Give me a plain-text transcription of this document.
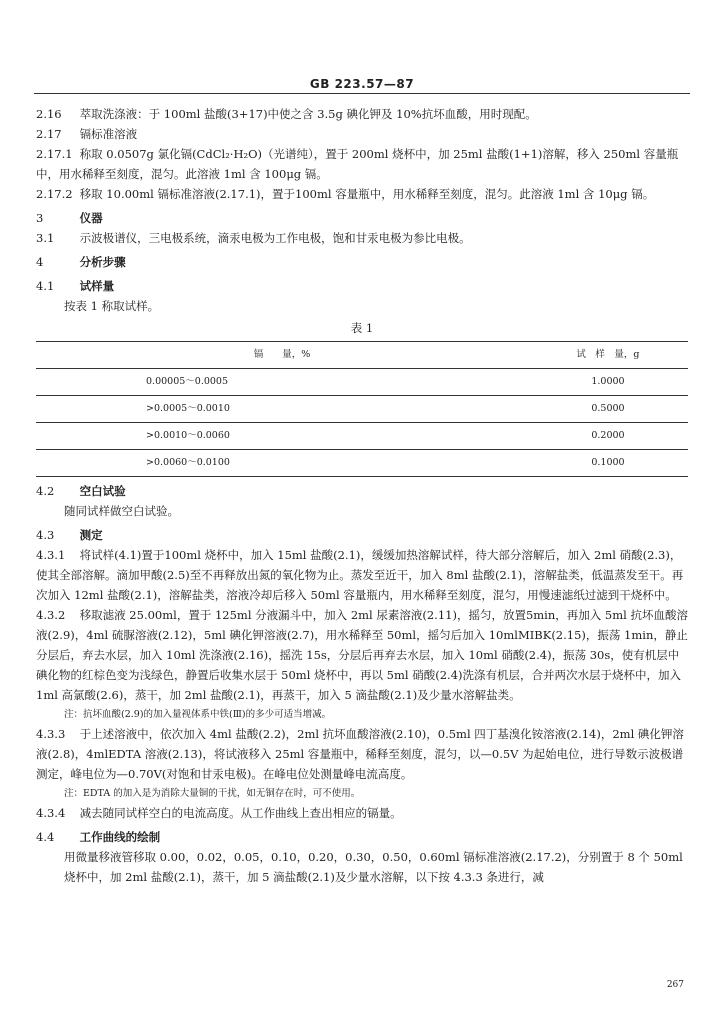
GB 223.57—87

2.16 萃取洗涤液：于 100ml 盐酸(3+17)中使之含 3.5g 碘化钾及 10%抗坏血酸，用时现配。

2.17 镉标准溶液

2.17.1 称取 0.0507g 氯化镉(CdCl₂·H₂O)（光谱纯），置于 200ml 烧杯中，加 25ml 盐酸(1+1)溶解，移入 250ml 容量瓶中，用水稀释至刻度，混匀。此溶液 1ml 含 100μg 镉。

2.17.2 移取 10.00ml 镉标准溶液(2.17.1)，置于100ml 容量瓶中，用水稀释至刻度，混匀。此溶液 1ml 含 10μg 镉。

3	仪器

3.1 示波极谱仪，三电极系统，滴汞电极为工作电极，饱和甘汞电极为参比电极。

4	分析步骤

4.1 试样量

按表 1 称取试样。

表 1
镉　　量，%	试　样　量，g
0.00005～0.0005	1.0000
>0.0005～0.0010	0.5000
>0.0010～0.0060	0.2000
>0.0060～0.0100	0.1000

4.2 空白试验

随同试样做空白试验。

4.3 测定

4.3.1 将试样(4.1)置于100ml 烧杯中，加入 15ml 盐酸(2.1)，缓缓加热溶解试样，待大部分溶解后，加入 2ml 硝酸(2.3)，使其全部溶解。滴加甲酸(2.5)至不再释放出氮的氧化物为止。蒸发至近干，加入 8ml 盐酸(2.1)，溶解盐类，低温蒸发至干。再次加入 12ml 盐酸(2.1)，溶解盐类，溶液冷却后移入 50ml 容量瓶内，用水稀释至刻度，混匀，用慢速滤纸过滤到干烧杯中。

4.3.2 移取滤液 25.00ml，置于 125ml 分液漏斗中，加入 2ml 尿素溶液(2.11)，摇匀，放置5min，再加入 5ml 抗坏血酸溶液(2.9)，4ml 硫脲溶液(2.12)，5ml 碘化钾溶液(2.7)，用水稀释至 50ml，摇匀后加入 10mlMIBK(2.15)，振荡 1min，静止分层后，弃去水层，加入 10ml 洗涤液(2.16)，摇洗 15s，分层后再弃去水层，加入 10ml 硝酸(2.4)，振荡 30s，使有机层中碘化物的红棕色变为浅绿色，静置后收集水层于 50ml 烧杯中，再以 5ml 硝酸(2.4)洗涤有机层，合并两次水层于烧杯中，加入 1ml 高氯酸(2.6)，蒸干，加 2ml 盐酸(2.1)，再蒸干，加入 5 滴盐酸(2.1)及少量水溶解盐类。

注：抗坏血酸(2.9)的加入量视体系中铁(Ⅲ)的多少可适当增减。

4.3.3 于上述溶液中，依次加入 4ml 盐酸(2.2)，2ml 抗坏血酸溶液(2.10)，0.5ml 四丁基溴化铵溶液(2.14)，2ml 碘化钾溶液(2.8)，4mlEDTA 溶液(2.13)，将试液移入 25ml 容量瓶中，稀释至刻度，混匀，以—0.5V 为起始电位，进行导数示波极谱测定，峰电位为—0.70V(对饱和甘汞电极)。在峰电位处测量峰电流高度。

注：EDTA 的加入是为消除大量铜的干扰，如无铜存在时，可不使用。

4.3.4 减去随同试样空白的电流高度。从工作曲线上查出相应的镉量。

4.4 工作曲线的绘制

用微量移液管移取 0.00，0.02，0.05，0.10，0.20，0.30，0.50，0.60ml 镉标准溶液(2.17.2)，分别置于 8 个 50ml 烧杯中，加 2ml 盐酸(2.1)，蒸干，加 5 滴盐酸(2.1)及少量水溶解，以下按 4.3.3 条进行，减

267
